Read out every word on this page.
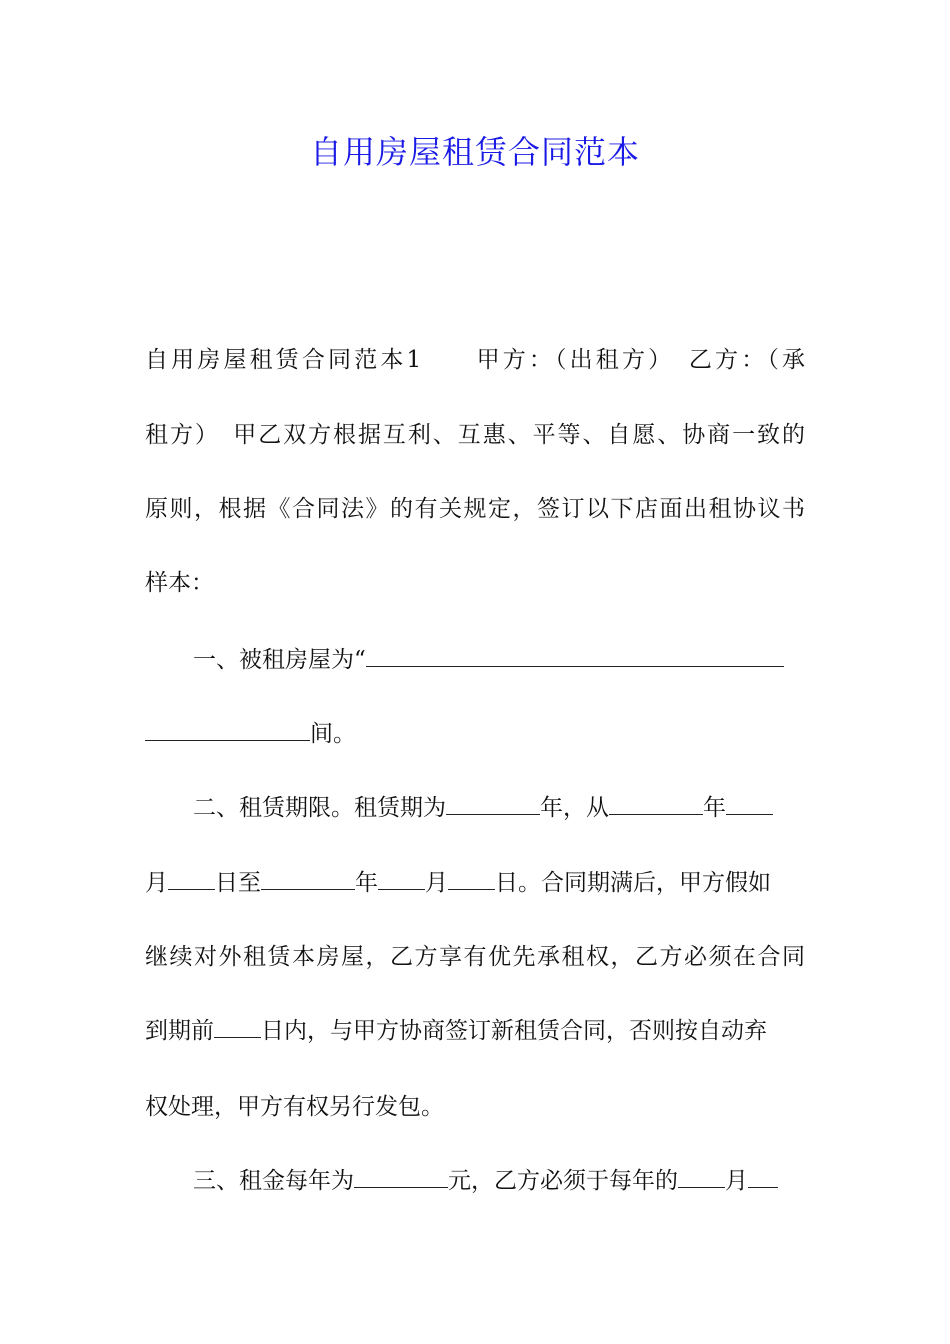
自用房屋租赁合同范本
自用房屋租赁合同范本1　　甲方：（出租方）　乙方：（承
租方）　甲乙双方根据互利、互惠、平等、自愿、协商一致的
原则，根据《合同法》的有关规定，签订以下店面出租协议书
样本：
一、被租房屋为“
间。
二、租赁期限。租赁期为	年，从	年
月 日至	年 月 日。合同期满后，甲方假如
继续对外租赁本房屋，乙方享有优先承租权，乙方必须在合同
到期前 日内，与甲方协商签订新租赁合同，否则按自动弃
权处理，甲方有权另行发包。
三、租金每年为	元，乙方必须于每年的 月
